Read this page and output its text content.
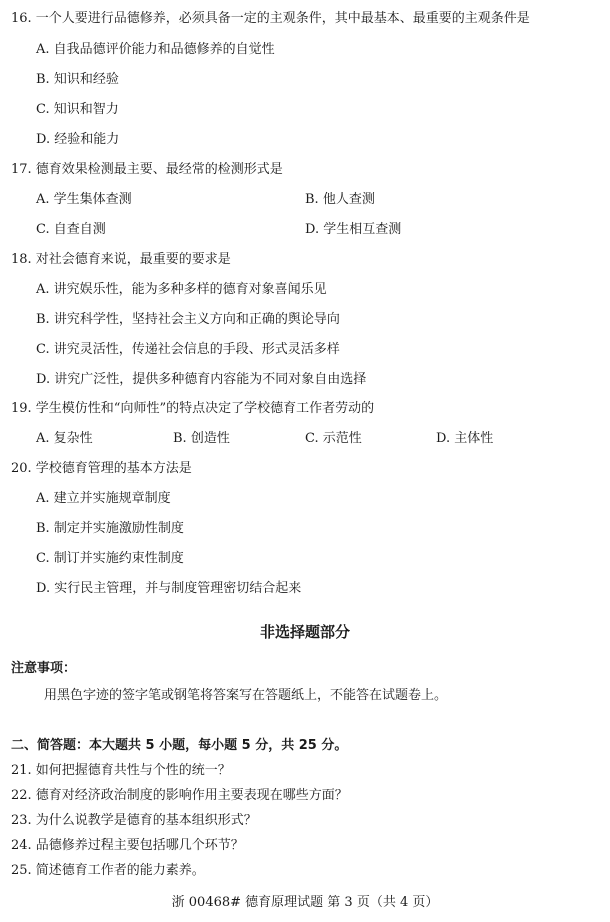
16. 一个人要进行品德修养，必须具备一定的主观条件，其中最基本、最重要的主观条件是
A. 自我品德评价能力和品德修养的自觉性
B. 知识和经验
C. 知识和智力
D. 经验和能力
17. 德育效果检测最主要、最经常的检测形式是
A. 学生集体查测	B. 他人查测
C. 自查自测	D. 学生相互查测
18. 对社会德育来说，最重要的要求是
A. 讲究娱乐性，能为多种多样的德育对象喜闻乐见
B. 讲究科学性，坚持社会主义方向和正确的舆论导向
C. 讲究灵活性，传递社会信息的手段、形式灵活多样
D. 讲究广泛性，提供多种德育内容能为不同对象自由选择
19. 学生模仿性和“向师性”的特点决定了学校德育工作者劳动的
A. 复杂性	B. 创造性	C. 示范性	D. 主体性
20. 学校德育管理的基本方法是
A. 建立并实施规章制度
B. 制定并实施激励性制度
C. 制订并实施约束性制度
D. 实行民主管理，并与制度管理密切结合起来
非选择题部分
注意事项：
用黑色字迹的签字笔或钢笔将答案写在答题纸上，不能答在试题卷上。
二、简答题：本大题共 5 小题，每小题 5 分，共 25 分。
21. 如何把握德育共性与个性的统一？
22. 德育对经济政治制度的影响作用主要表现在哪些方面？
23. 为什么说教学是德育的基本组织形式？
24. 品德修养过程主要包括哪几个环节？
25. 简述德育工作者的能力素养。
浙 00468# 德育原理试题 第 3 页（共 4 页）
